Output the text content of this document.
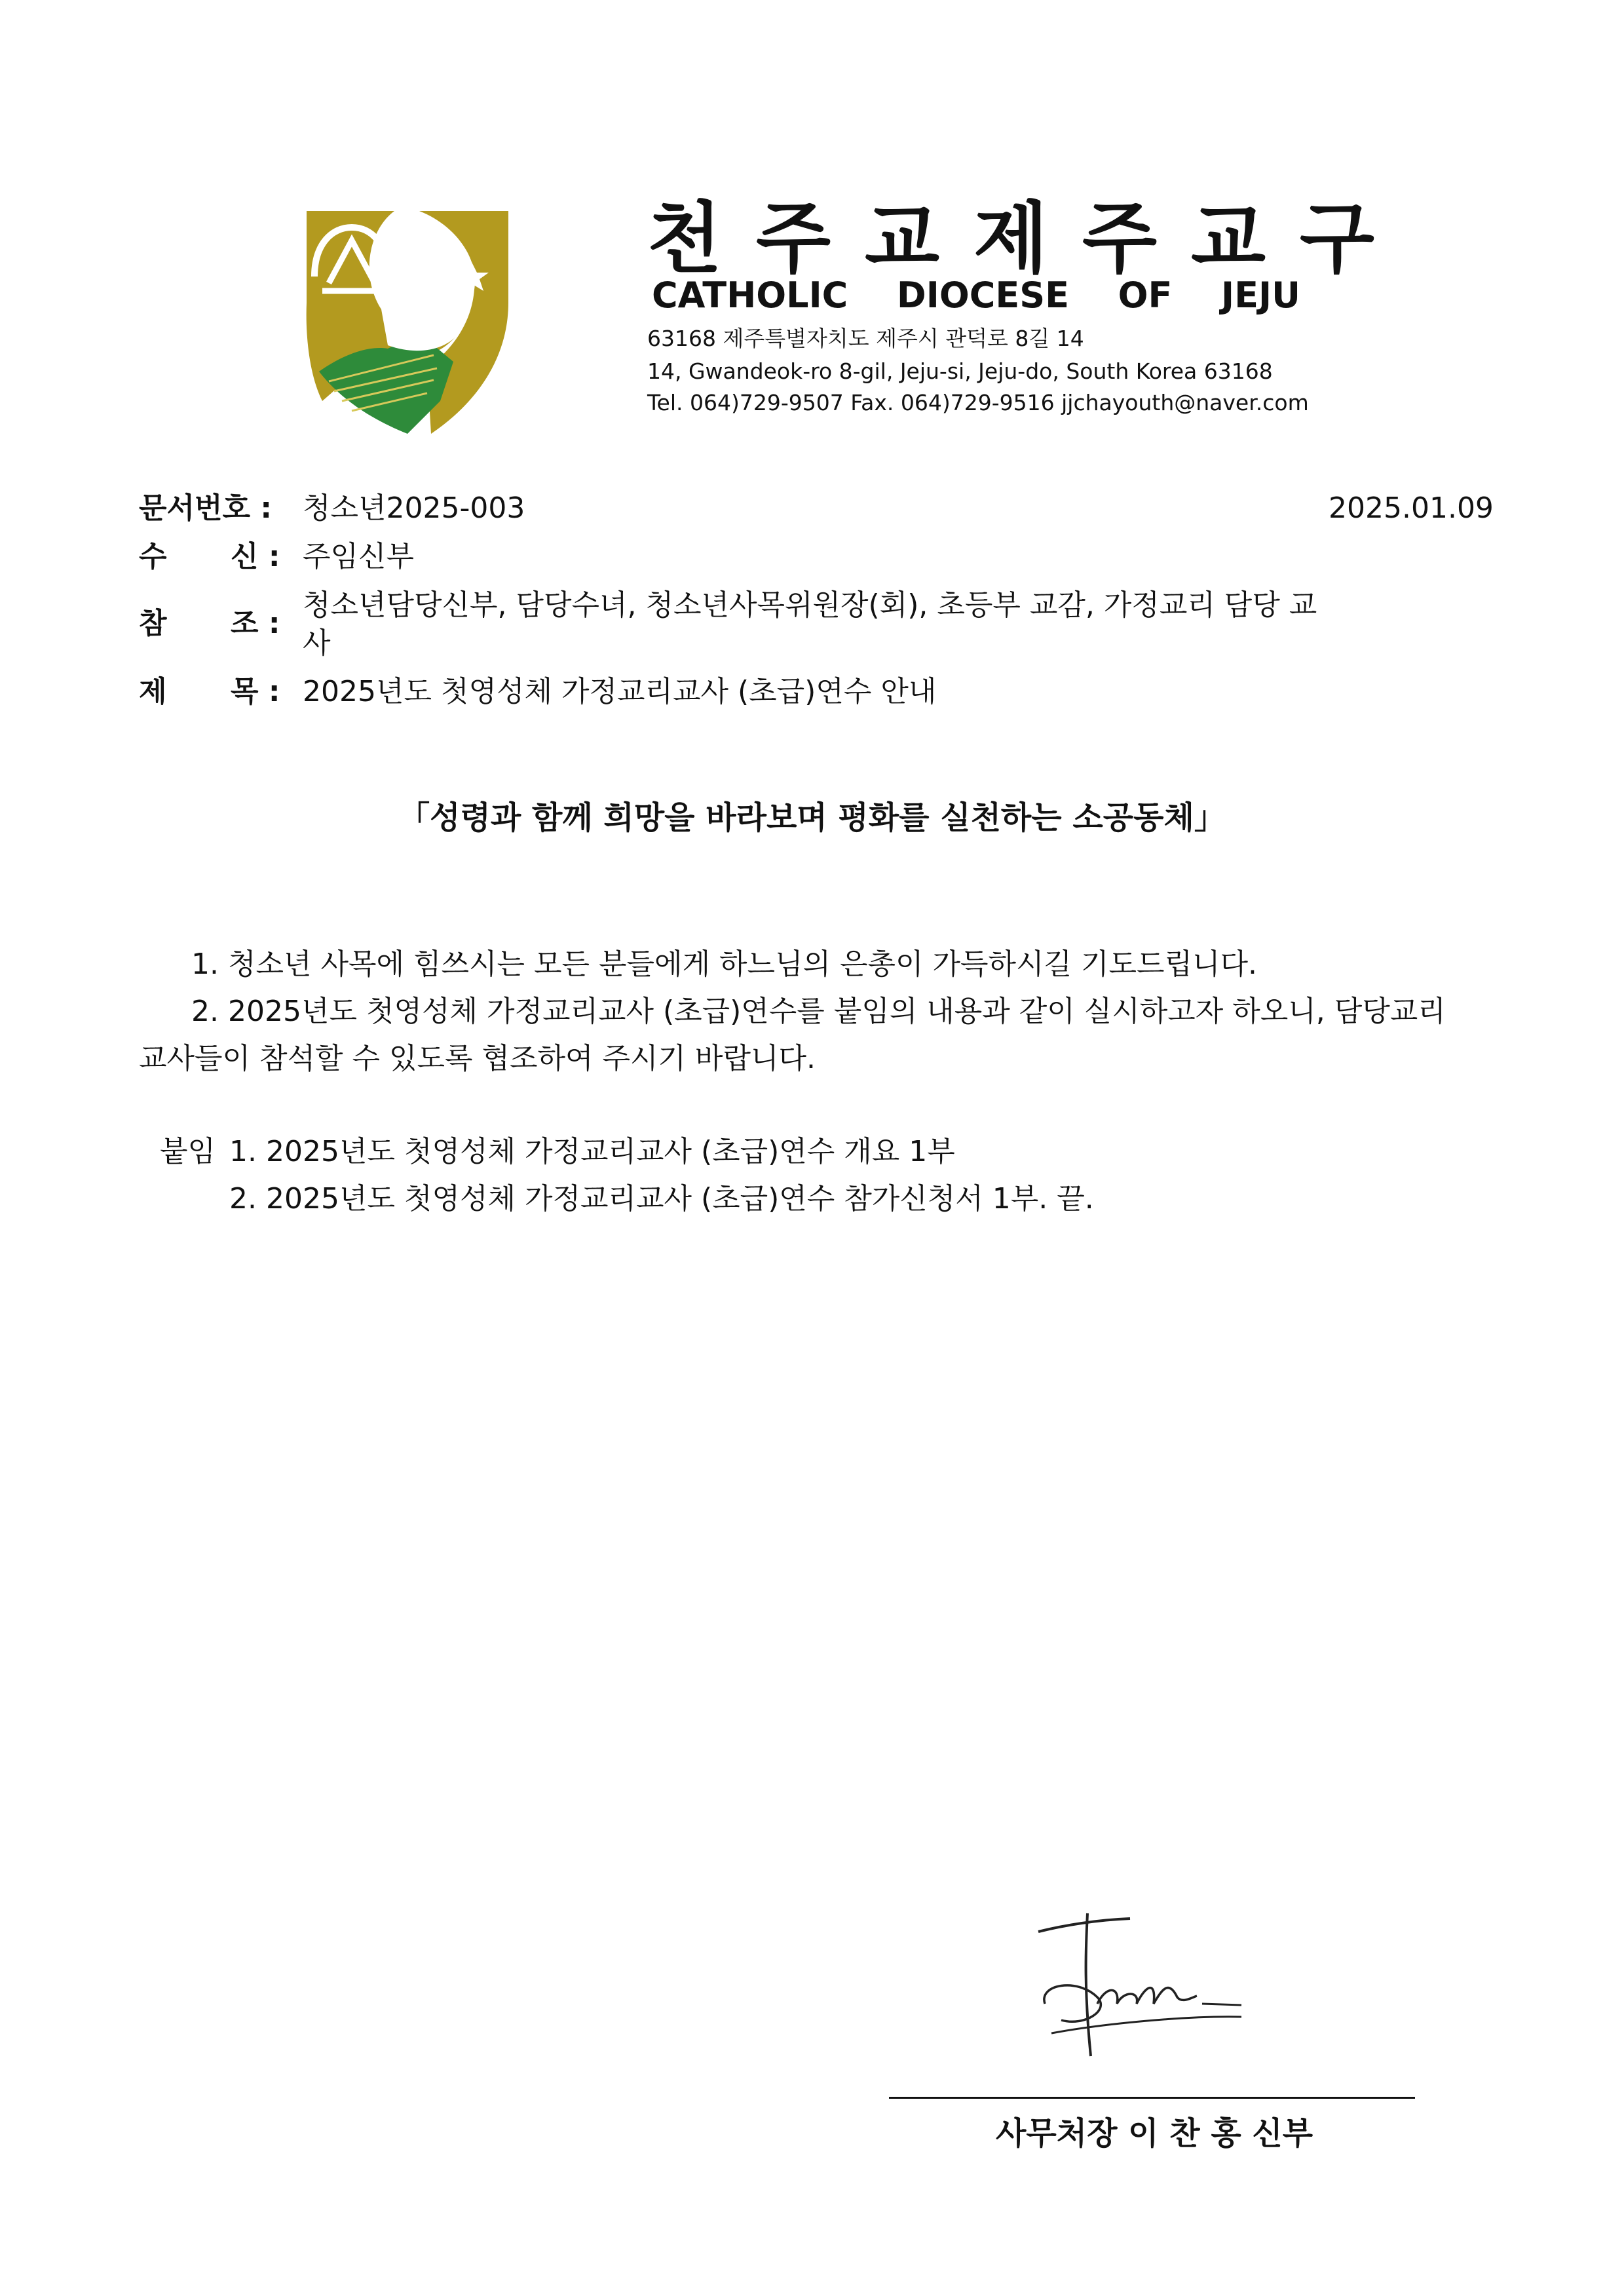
천주교제주교구
CATHOLIC DIOCESE OF JEJU
63168 제주특별자치도 제주시 관덕로 8길 14
14, Gwandeok-ro 8-gil, Jeju-si, Jeju-do, South Korea 63168
Tel. 064)729-9507 Fax. 064)729-9516 jjchayouth@naver.com
문서번호 : 청소년2025-003	2025.01.09
수 신 : 주임신부
참 조 :
청소년담당신부, 담당수녀, 청소년사목위원장(회), 초등부 교감, 가정교리 담당 교
사
제 목 : 2025년도 첫영성체 가정교리교사 (초급)연수 안내
「성령과 함께 희망을 바라보며 평화를 실천하는 소공동체」
1. 청소년 사목에 힘쓰시는 모든 분들에게 하느님의 은총이 가득하시길 기도드립니다.
2. 2025년도 첫영성체 가정교리교사 (초급)연수를 붙임의 내용과 같이 실시하고자 하오니, 담당교리
교사들이 참석할 수 있도록 협조하여 주시기 바랍니다.
붙임 1. 2025년도 첫영성체 가정교리교사 (초급)연수 개요 1부
2. 2025년도 첫영성체 가정교리교사 (초급)연수 참가신청서 1부. 끝.
사무처장 이 찬 홍 신부
